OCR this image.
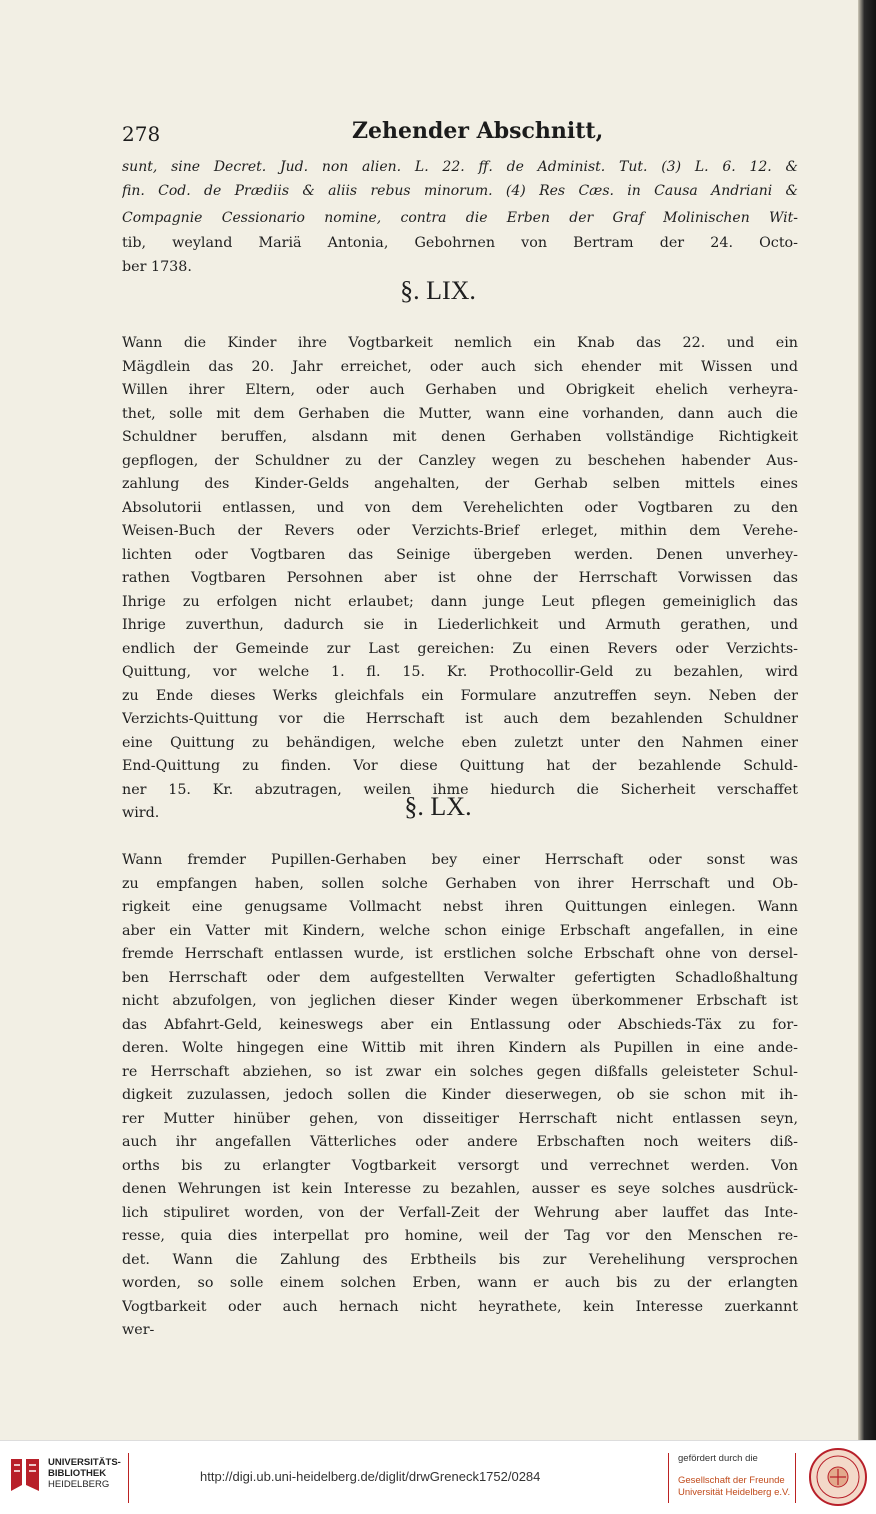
278	Zehender Abschnitt,
sunt, sine Decret. Jud. non alien. L. 22. ff. de Administ. Tut. (3) L. 6. 12. &
fin. Cod. de Prædiis & aliis rebus minorum. (4) Res Cæs. in Causa Andriani &
Compagnie Cessionario nomine, contra die Erben der Graf Molinischen Wit-
tib, weyland Mariä Antonia, Gebohrnen von Bertram der 24. Octo-
ber 1738.
§. LIX.
Wann die Kinder ihre Vogtbarkeit nemlich ein Knab das 22. und ein
Mägdlein das 20. Jahr erreichet, oder auch sich ehender mit Wissen und
Willen ihrer Eltern, oder auch Gerhaben und Obrigkeit ehelich verheyra-
thet, solle mit dem Gerhaben die Mutter, wann eine vorhanden, dann auch die
Schuldner beruffen, alsdann mit denen Gerhaben vollständige Richtigkeit
gepflogen, der Schuldner zu der Canzley wegen zu beschehen habender Aus-
zahlung des Kinder-Gelds angehalten, der Gerhab selben mittels eines
Absolutorii entlassen, und von dem Verehelichten oder Vogtbaren zu den
Weisen-Buch der Revers oder Verzichts-Brief erleget, mithin dem Verehe-
lichten oder Vogtbaren das Seinige übergeben werden. Denen unverhey-
rathen Vogtbaren Persohnen aber ist ohne der Herrschaft Vorwissen das
Ihrige zu erfolgen nicht erlaubet; dann junge Leut pflegen gemeiniglich das
Ihrige zuverthun, dadurch sie in Liederlichkeit und Armuth gerathen, und
endlich der Gemeinde zur Last gereichen: Zu einen Revers oder Verzichts-
Quittung, vor welche 1. fl. 15. Kr. Prothocollir-Geld zu bezahlen, wird
zu Ende dieses Werks gleichfals ein Formulare anzutreffen seyn. Neben der
Verzichts-Quittung vor die Herrschaft ist auch dem bezahlenden Schuldner
eine Quittung zu behändigen, welche eben zuletzt unter den Nahmen einer
End-Quittung zu finden. Vor diese Quittung hat der bezahlende Schuld-
ner 15. Kr. abzutragen, weilen ihme hiedurch die Sicherheit verschaffet
wird.	§. LX.
Wann fremder Pupillen-Gerhaben bey einer Herrschaft oder sonst was
zu empfangen haben, sollen solche Gerhaben von ihrer Herrschaft und Ob-
rigkeit eine genugsame Vollmacht nebst ihren Quittungen einlegen. Wann
aber ein Vatter mit Kindern, welche schon einige Erbschaft angefallen, in eine
fremde Herrschaft entlassen wurde, ist erstlichen solche Erbschaft ohne von dersel-
ben Herrschaft oder dem aufgestellten Verwalter gefertigten Schadloßhaltung
nicht abzufolgen, von jeglichen dieser Kinder wegen überkommener Erbschaft ist
das Abfahrt-Geld, keineswegs aber ein Entlassung oder Abschieds-Täx zu for-
deren. Wolte hingegen eine Wittib mit ihren Kindern als Pupillen in eine ande-
re Herrschaft abziehen, so ist zwar ein solches gegen dißfalls geleisteter Schul-
digkeit zuzulassen, jedoch sollen die Kinder dieserwegen, ob sie schon mit ih-
rer Mutter hinüber gehen, von disseitiger Herrschaft nicht entlassen seyn,
auch ihr angefallen Vätterliches oder andere Erbschaften noch weiters diß-
orths bis zu erlangter Vogtbarkeit versorgt und verrechnet werden. Von
denen Wehrungen ist kein Interesse zu bezahlen, ausser es seye solches ausdrück-
lich stipuliret worden, von der Verfall-Zeit der Wehrung aber lauffet das Inte-
resse, quia dies interpellat pro homine, weil der Tag vor den Menschen re-
det. Wann die Zahlung des Erbtheils bis zur Verehelihung versprochen
worden, so solle einem solchen Erben, wann er auch bis zu der erlangten
Vogtbarkeit oder auch hernach nicht heyrathete, kein Interesse zuerkannt
wer-
UNIVERSITÄTS-
BIBLIOTHEK
HEIDELBERG
http://digi.ub.uni-heidelberg.de/diglit/drwGreneck1752/0284
gefördert durch die
Gesellschaft der Freunde
Universität Heidelberg e.V.
